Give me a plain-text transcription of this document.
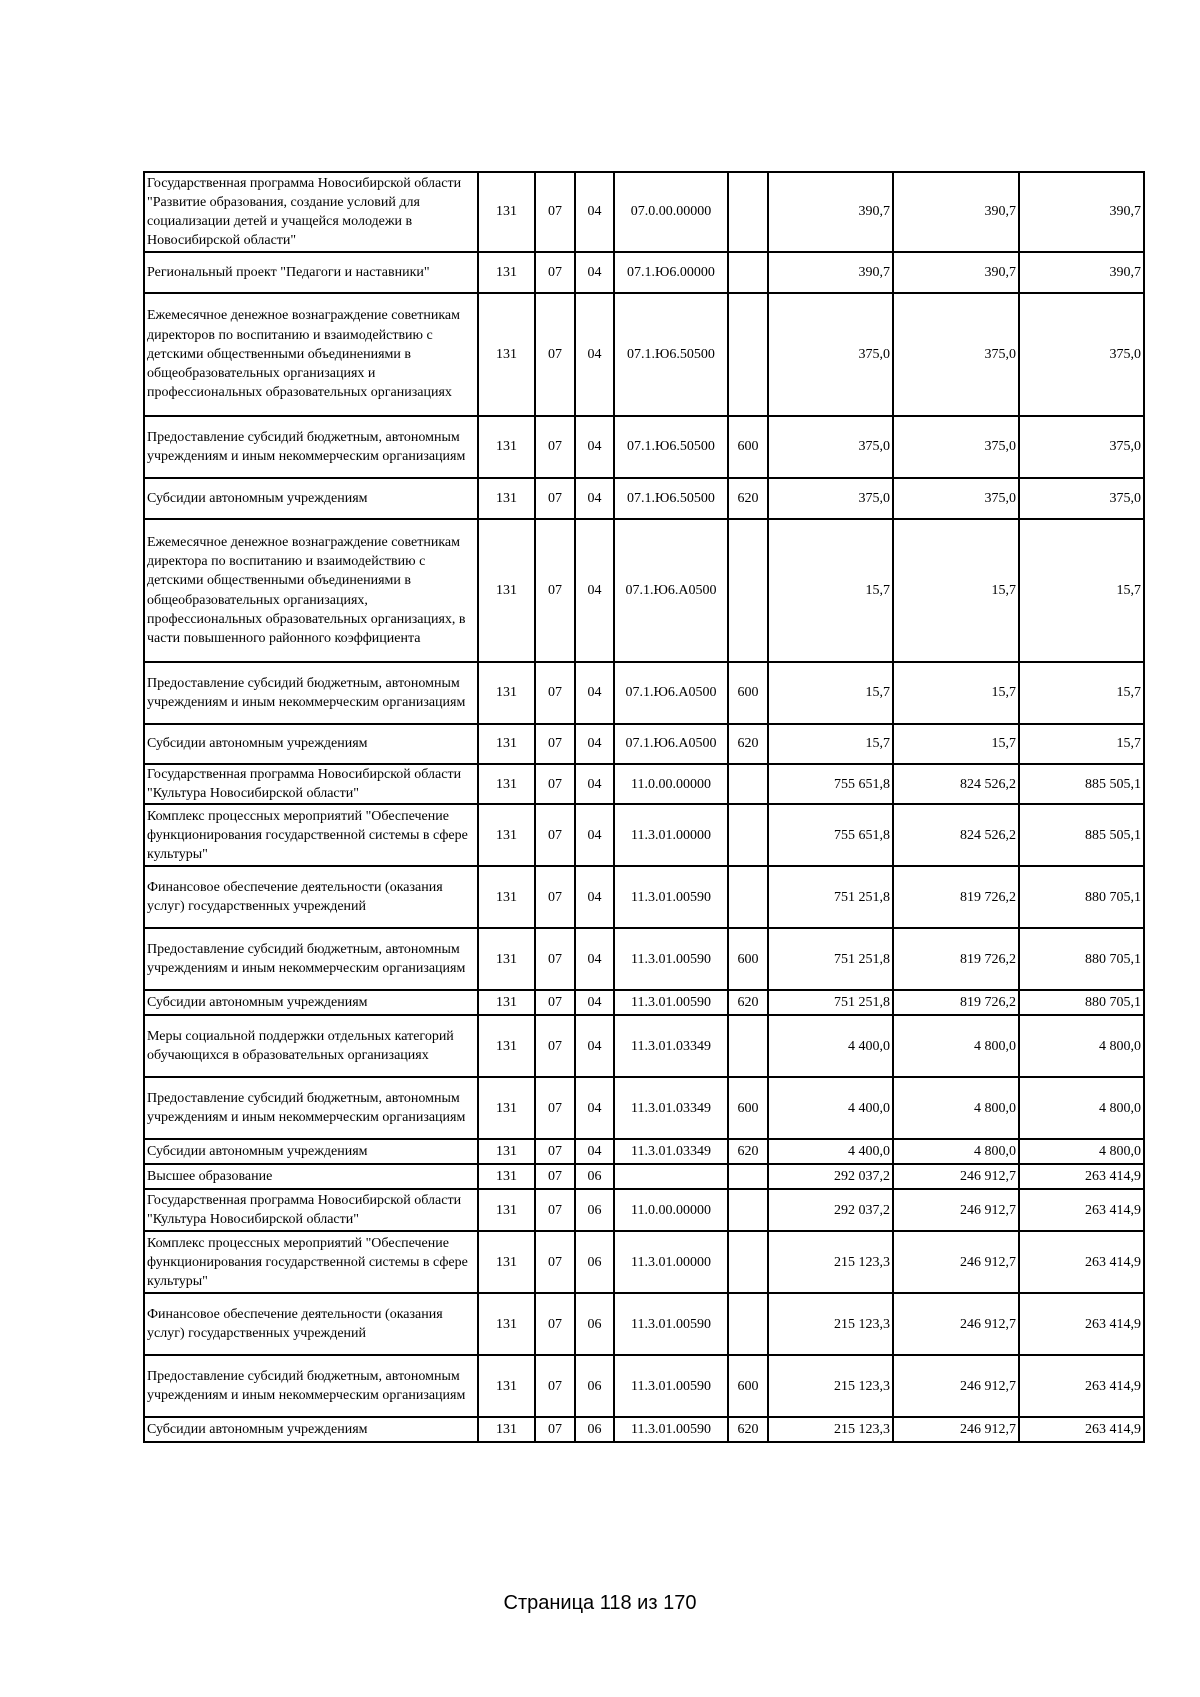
Государственная программа Новосибирской области "Развитие образования, создание условий для социализации детей и учащейся молодежи в Новосибирской области"	131	07	04	07.0.00.00000		390,7	390,7	390,7
Региональный проект "Педагоги и наставники"	131	07	04	07.1.Ю6.00000		390,7	390,7	390,7
Ежемесячное денежное вознаграждение советникам директоров по воспитанию и взаимодействию с детскими общественными объединениями в общеобразовательных организациях и профессиональных образовательных организациях	131	07	04	07.1.Ю6.50500		375,0	375,0	375,0
Предоставление субсидий бюджетным, автономным учреждениям и иным некоммерческим организациям	131	07	04	07.1.Ю6.50500	600	375,0	375,0	375,0
Субсидии автономным учреждениям	131	07	04	07.1.Ю6.50500	620	375,0	375,0	375,0
Ежемесячное денежное вознаграждение советникам директора по воспитанию и взаимодействию с детскими общественными объединениями в общеобразовательных организациях, профессиональных образовательных организациях, в части повышенного районного коэффициента	131	07	04	07.1.Ю6.А0500		15,7	15,7	15,7
Предоставление субсидий бюджетным, автономным учреждениям и иным некоммерческим организациям	131	07	04	07.1.Ю6.А0500	600	15,7	15,7	15,7
Субсидии автономным учреждениям	131	07	04	07.1.Ю6.А0500	620	15,7	15,7	15,7
Государственная программа Новосибирской области "Культура Новосибирской области"	131	07	04	11.0.00.00000		755 651,8	824 526,2	885 505,1
Комплекс процессных мероприятий "Обеспечение функционирования государственной системы в сфере культуры"	131	07	04	11.3.01.00000		755 651,8	824 526,2	885 505,1
Финансовое обеспечение деятельности (оказания услуг) государственных учреждений	131	07	04	11.3.01.00590		751 251,8	819 726,2	880 705,1
Предоставление субсидий бюджетным, автономным учреждениям и иным некоммерческим организациям	131	07	04	11.3.01.00590	600	751 251,8	819 726,2	880 705,1
Субсидии автономным учреждениям	131	07	04	11.3.01.00590	620	751 251,8	819 726,2	880 705,1
Меры социальной поддержки отдельных категорий обучающихся в образовательных организациях	131	07	04	11.3.01.03349		4 400,0	4 800,0	4 800,0
Предоставление субсидий бюджетным, автономным учреждениям и иным некоммерческим организациям	131	07	04	11.3.01.03349	600	4 400,0	4 800,0	4 800,0
Субсидии автономным учреждениям	131	07	04	11.3.01.03349	620	4 400,0	4 800,0	4 800,0
Высшее образование	131	07	06			292 037,2	246 912,7	263 414,9
Государственная программа Новосибирской области "Культура Новосибирской области"	131	07	06	11.0.00.00000		292 037,2	246 912,7	263 414,9
Комплекс процессных мероприятий "Обеспечение функционирования государственной системы в сфере культуры"	131	07	06	11.3.01.00000		215 123,3	246 912,7	263 414,9
Финансовое обеспечение деятельности (оказания услуг) государственных учреждений	131	07	06	11.3.01.00590		215 123,3	246 912,7	263 414,9
Предоставление субсидий бюджетным, автономным учреждениям и иным некоммерческим организациям	131	07	06	11.3.01.00590	600	215 123,3	246 912,7	263 414,9
Субсидии автономным учреждениям	131	07	06	11.3.01.00590	620	215 123,3	246 912,7	263 414,9
Страница 118 из 170
